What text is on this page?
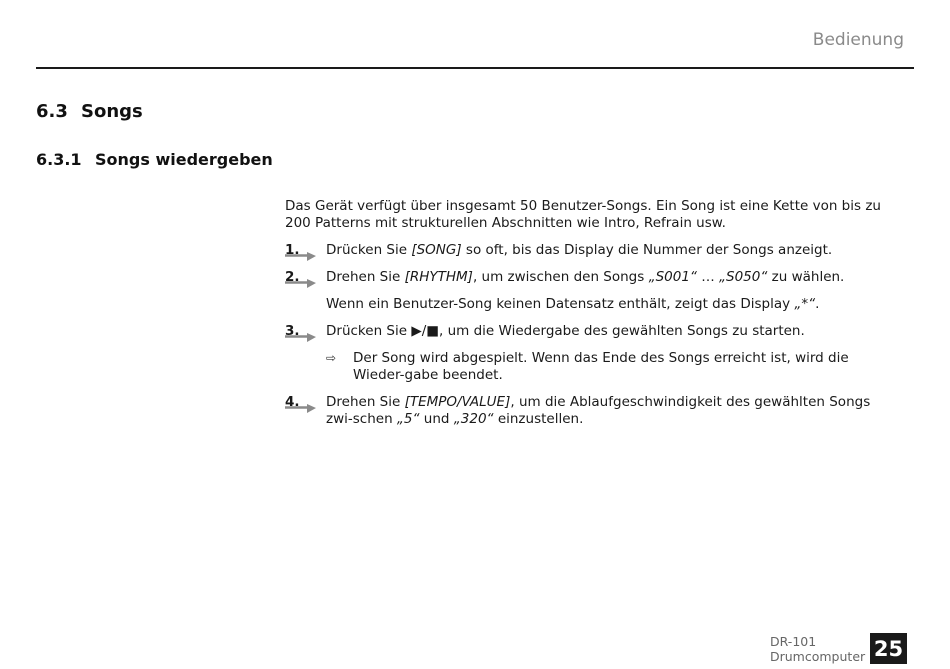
Bedienung
6.3 Songs
6.3.1 Songs wiedergeben

Das Gerät verfügt über insgesamt 50 Benutzer-Songs. Ein Song ist eine Kette von bis zu 200 Patterns mit strukturellen Abschnitten wie Intro, Refrain usw.

1. Drücken Sie [SONG] so oft, bis das Display die Nummer der Songs anzeigt.
2. Drehen Sie [RHYTHM], um zwischen den Songs „S001“ … „S050“ zu wählen.

Wenn ein Benutzer-Song keinen Datensatz enthält, zeigt das Display „*“.

3. Drücken Sie ▶/■, um die Wiedergabe des gewählten Songs zu starten.
⇨ Der Song wird abgespielt. Wenn das Ende des Songs erreicht ist, wird die Wieder-gabe beendet.
4. Drehen Sie [TEMPO/VALUE], um die Ablaufgeschwindigkeit des gewählten Songs zwi-schen „5“ und „320“ einzustellen.
DR-101
Drumcomputer 25
